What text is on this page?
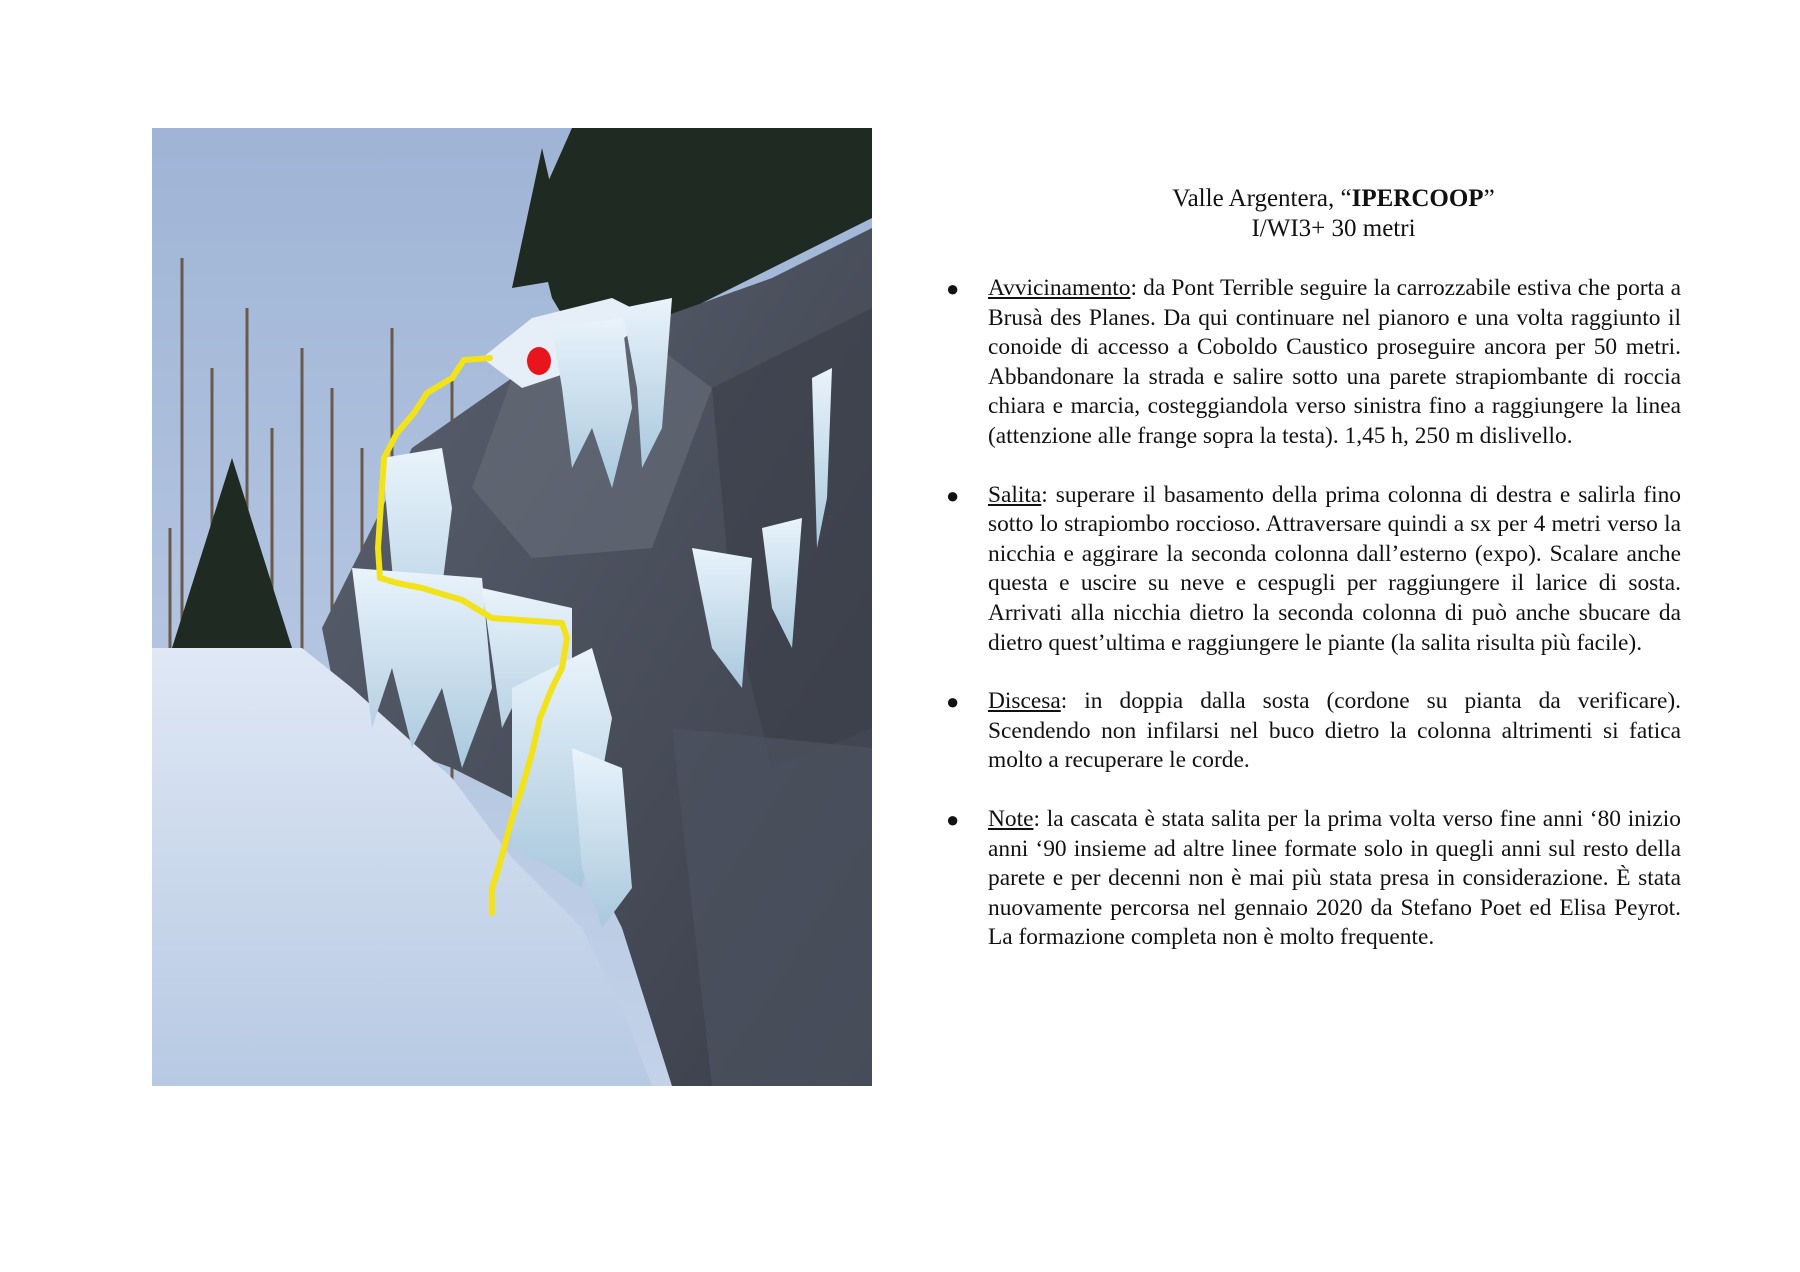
Valle Argentera, “IPERCOOP”
I/WI3+ 30 metri
● Avvicinamento: da Pont Terrible seguire la carrozzabile estiva che porta a Brusà des Planes. Da qui continuare nel pianoro e una volta raggiunto il conoide di accesso a Coboldo Caustico proseguire ancora per 50 metri. Abbandonare la strada e salire sotto una parete strapiombante di roccia chiara e marcia, costeggiandola verso sinistra fino a raggiungere la linea (attenzione alle frange sopra la testa). 1,45 h, 250 m dislivello.
● Salita: superare il basamento della prima colonna di destra e salirla fino sotto lo strapiombo roccioso. Attraversare quindi a sx per 4 metri verso la nicchia e aggirare la seconda colonna dall’esterno (expo). Scalare anche questa e uscire su neve e cespugli per raggiungere il larice di sosta. Arrivati alla nicchia dietro la seconda colonna di può anche sbucare da dietro quest’ultima e raggiungere le piante (la salita risulta più facile).
● Discesa: in doppia dalla sosta (cordone su pianta da verificare). Scendendo non infilarsi nel buco dietro la colonna altrimenti si fatica molto a recuperare le corde.
● Note: la cascata è stata salita per la prima volta verso fine anni ‘80 inizio anni ‘90 insieme ad altre linee formate solo in quegli anni sul resto della parete e per decenni non è mai più stata presa in considerazione. È stata nuovamente percorsa nel gennaio 2020 da Stefano Poet ed Elisa Peyrot. La formazione completa non è molto frequente.
